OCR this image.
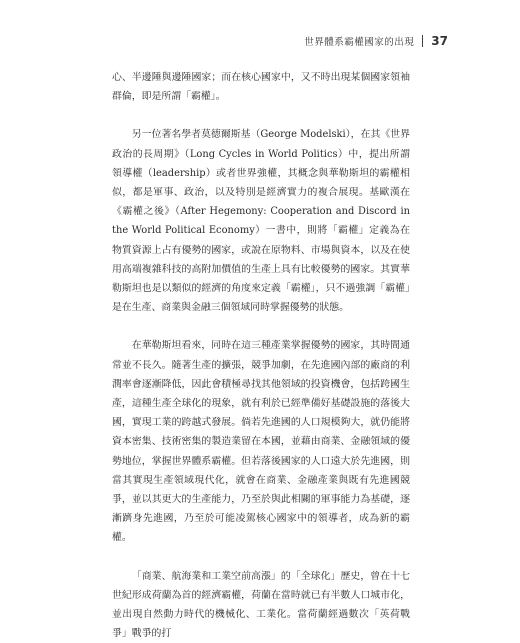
世界體系霸權國家的出現 37

心、半邊陲與邊陲國家；而在核心國家中，又不時出現某個國家領袖群倫，即是所謂「霸權」。

另一位著名學者莫德爾斯基（George Modelski），在其《世界政治的長周期》（Long Cycles in World Politics）中，提出所謂領導權（leadership）或者世界強權，其概念與華勒斯坦的霸權相似，都是軍事、政治，以及特別是經濟實力的複合展現。基歐漢在《霸權之後》（After Hegemony: Cooperation and Discord in the World Political Economy）一書中，則將「霸權」定義為在物質資源上占有優勢的國家，或說在原物料、市場與資本，以及在使用高端複雜科技的高附加價值的生產上具有比較優勢的國家。其實華勒斯坦也是以類似的經濟的角度來定義「霸權」，只不過強調「霸權」是在生產、商業與金融三個領域同時掌握優勢的狀態。

在華勒斯坦看來，同時在這三種產業掌握優勢的國家，其時間通常並不長久。隨著生產的擴張，競爭加劇，在先進國內部的廠商的利潤率會逐漸降低，因此會積極尋找其他領域的投資機會，包括跨國生產，這種生產全球化的現象，就有利於已經準備好基礎設施的落後大國，實現工業的跨越式發展。倘若先進國的人口規模夠大，就仍能將資本密集、技術密集的製造業留在本國，並藉由商業、金融領域的優勢地位，掌握世界體系霸權。但若落後國家的人口遠大於先進國，則當其實現生產領域現代化，就會在商業、金融產業與既有先進國競爭，並以其更大的生產能力，乃至於與此相關的軍事能力為基礎，逐漸躋身先進國，乃至於可能凌駕核心國家中的領導者，成為新的霸權。

「商業、航海業和工業空前高漲」的「全球化」歷史，曾在十七世紀形成荷蘭為首的經濟霸權，荷蘭在當時就已有半數人口城市化，並出現自然動力時代的機械化、工業化。當荷蘭經過數次「英荷戰爭」戰爭的打
